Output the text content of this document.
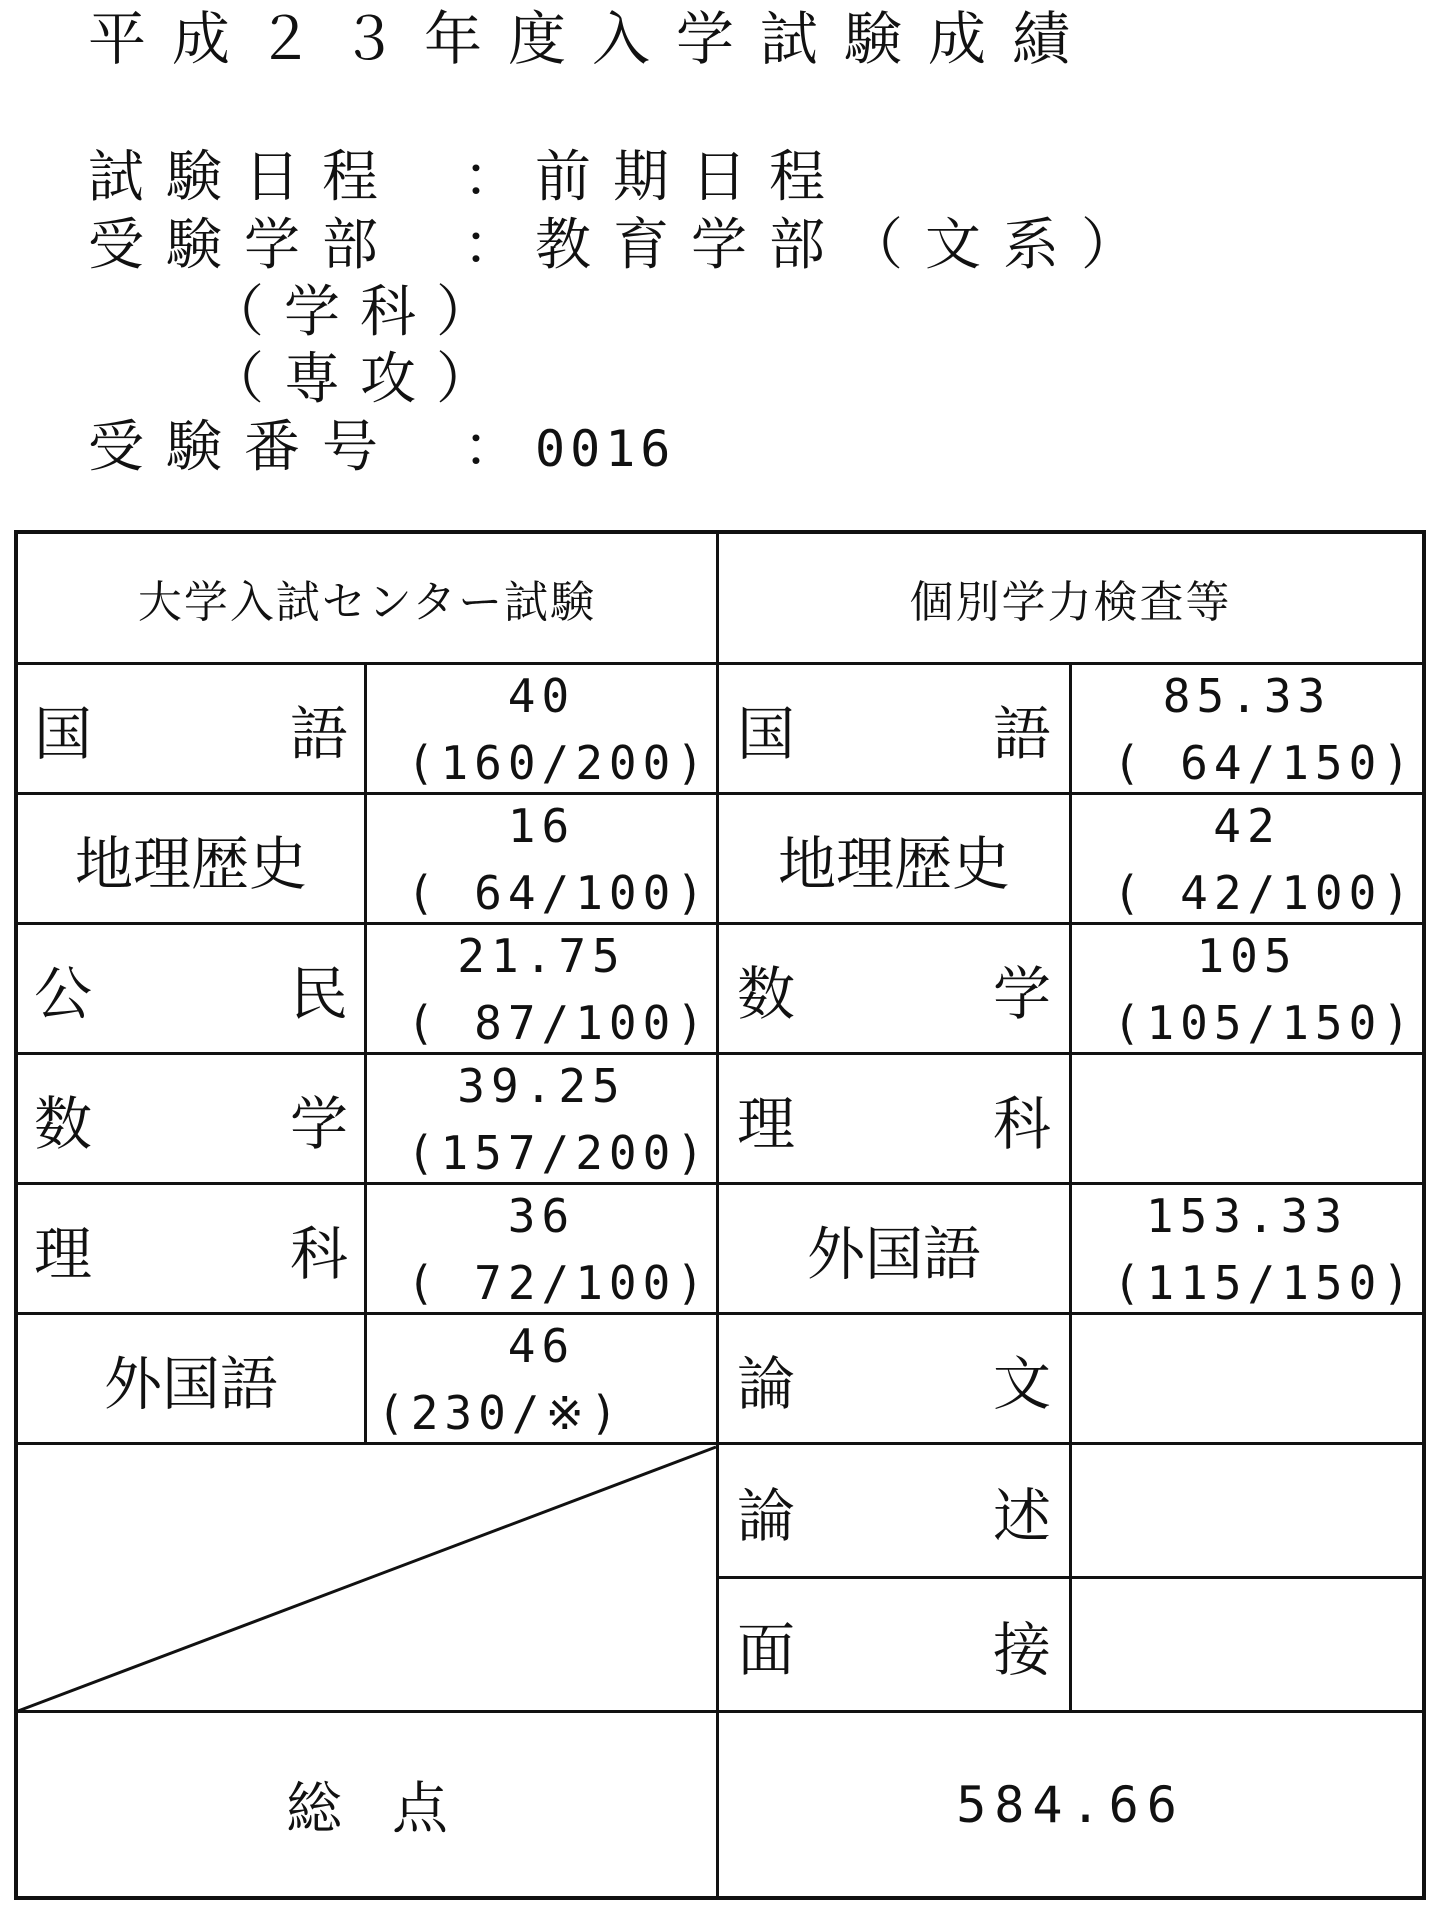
平成２３年度入学試験成績
試験日程 ： 前期日程
受験学部 ： 教育学部（文系）
（学科）
（専攻）
受験番号 ： 0016
大学入試センター試験	個別学力検査等
国　語
40
(160/200)
地理歴史
16
( 64/100)
公　民
21.75
( 87/100)
数　学
39.25
(157/200)
理　科
36
( 72/100)
外国語
46
(230/※)
国　語
85.33
( 64/150)
地理歴史
42
( 42/100)
数　学
105
(105/150)
理　科
外国語
153.33
(115/150)
論　文
論　述
面　接
総点	584.66
